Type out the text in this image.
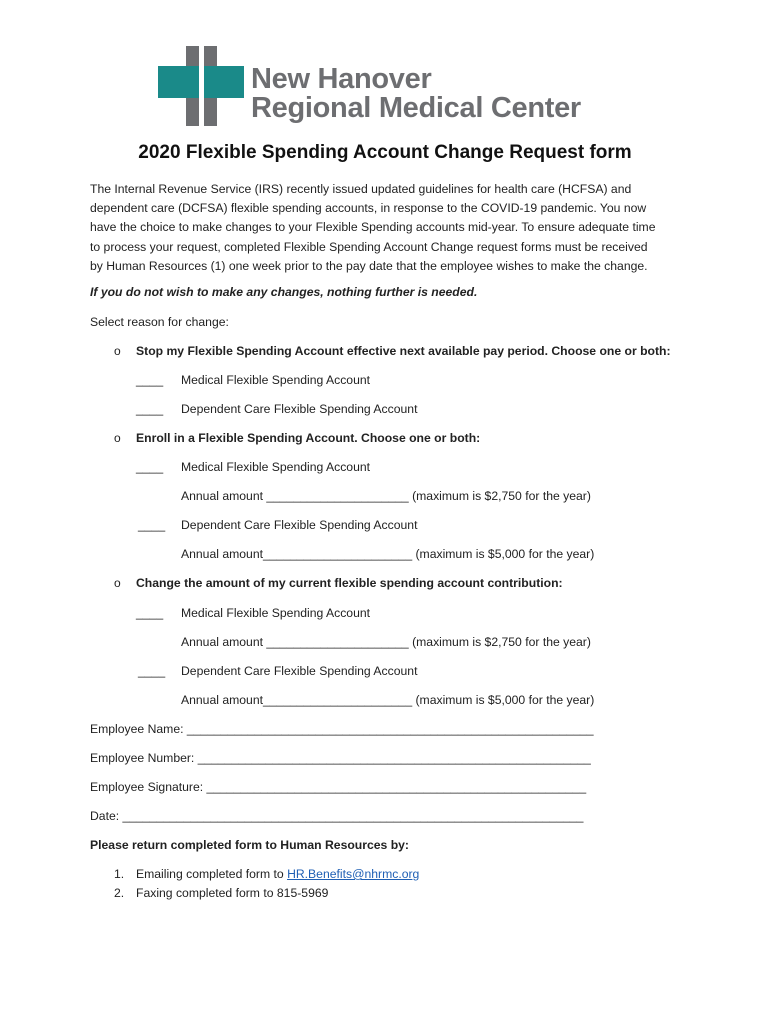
New Hanover
Regional Medical Center
2020 Flexible Spending Account Change Request form
The Internal Revenue Service (IRS) recently issued updated guidelines for health care (HCFSA) and
dependent care (DCFSA) flexible spending accounts, in response to the COVID-19 pandemic. You now
have the choice to make changes to your Flexible Spending accounts mid-year. To ensure adequate time
to process your request, completed Flexible Spending Account Change request forms must be received
by Human Resources (1) one week prior to the pay date that the employee wishes to make the change.
If you do not wish to make any changes, nothing further is needed.
Select reason for change:
o Stop my Flexible Spending Account effective next available pay period. Choose one or both:
____ Medical Flexible Spending Account
____ Dependent Care Flexible Spending Account
o Enroll in a Flexible Spending Account. Choose one or both:
____ Medical Flexible Spending Account
Annual amount _____________________ (maximum is $2,750 for the year)
____ Dependent Care Flexible Spending Account
Annual amount______________________ (maximum is $5,000 for the year)
o Change the amount of my current flexible spending account contribution:
____ Medical Flexible Spending Account
Annual amount _____________________ (maximum is $2,750 for the year)
____ Dependent Care Flexible Spending Account
Annual amount______________________ (maximum is $5,000 for the year)
Employee Name: ____________________________________________________________
Employee Number: __________________________________________________________
Employee Signature: ________________________________________________________
Date: ____________________________________________________________________
Please return completed form to Human Resources by:
1. Emailing completed form to HR.Benefits@nhrmc.org
2. Faxing completed form to 815-5969
